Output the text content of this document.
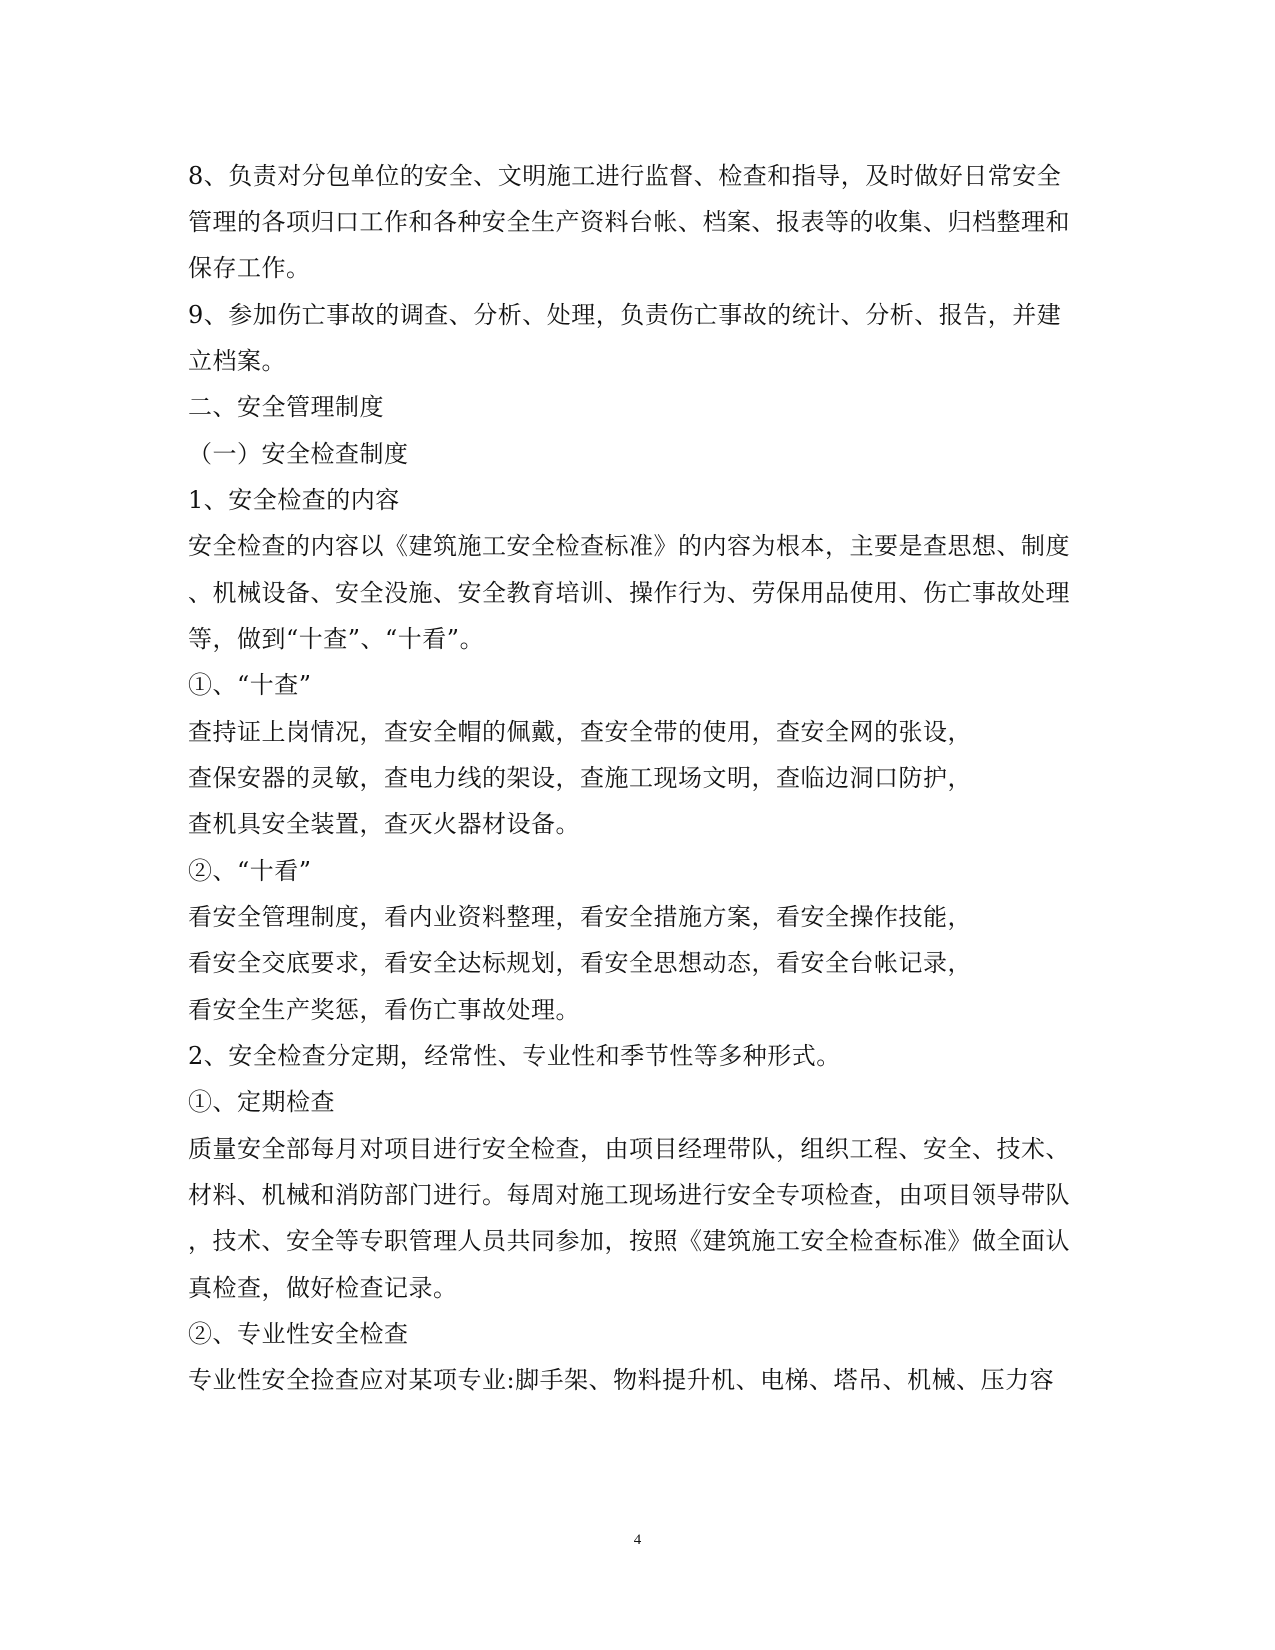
8、负责对分包单位的安全、文明施工进行监督、检查和指导，及时做好日常安全
管理的各项归口工作和各种安全生产资料台帐、档案、报表等的收集、归档整理和
保存工作。
9、参加伤亡事故的调查、分析、处理，负责伤亡事故的统计、分析、报告，并建
立档案。
二、安全管理制度
（一）安全检查制度
1、安全检查的内容
安全检查的内容以《建筑施工安全检查标准》的内容为根本，主要是查思想、制度
、机械设备、安全没施、安全教育培训、操作行为、劳保用品使用、伤亡事故处理
等，做到“十查”、“十看”。
①、“十查”
查持证上岗情况，查安全帽的佩戴，查安全带的使用，查安全网的张设，
查保安器的灵敏，查电力线的架设，查施工现场文明，查临边洞口防护，
查机具安全装置，查灭火器材设备。
②、“十看”
看安全管理制度，看内业资料整理，看安全措施方案，看安全操作技能，
看安全交底要求，看安全达标规划，看安全思想动态，看安全台帐记录，
看安全生产奖惩，看伤亡事故处理。
2、安全检查分定期，经常性、专业性和季节性等多种形式。
①、定期检查
质量安全部每月对项目进行安全检查，由项目经理带队，组织工程、安全、技术、
材料、机械和消防部门进行。每周对施工现场进行安全专项检查，由项目领导带队
，技术、安全等专职管理人员共同参加，按照《建筑施工安全检查标准》做全面认
真检查，做好检查记录。
②、专业性安全检查
专业性安全捡查应对某项专业:脚手架、物料提升机、电梯、塔吊、机械、压力容
4
